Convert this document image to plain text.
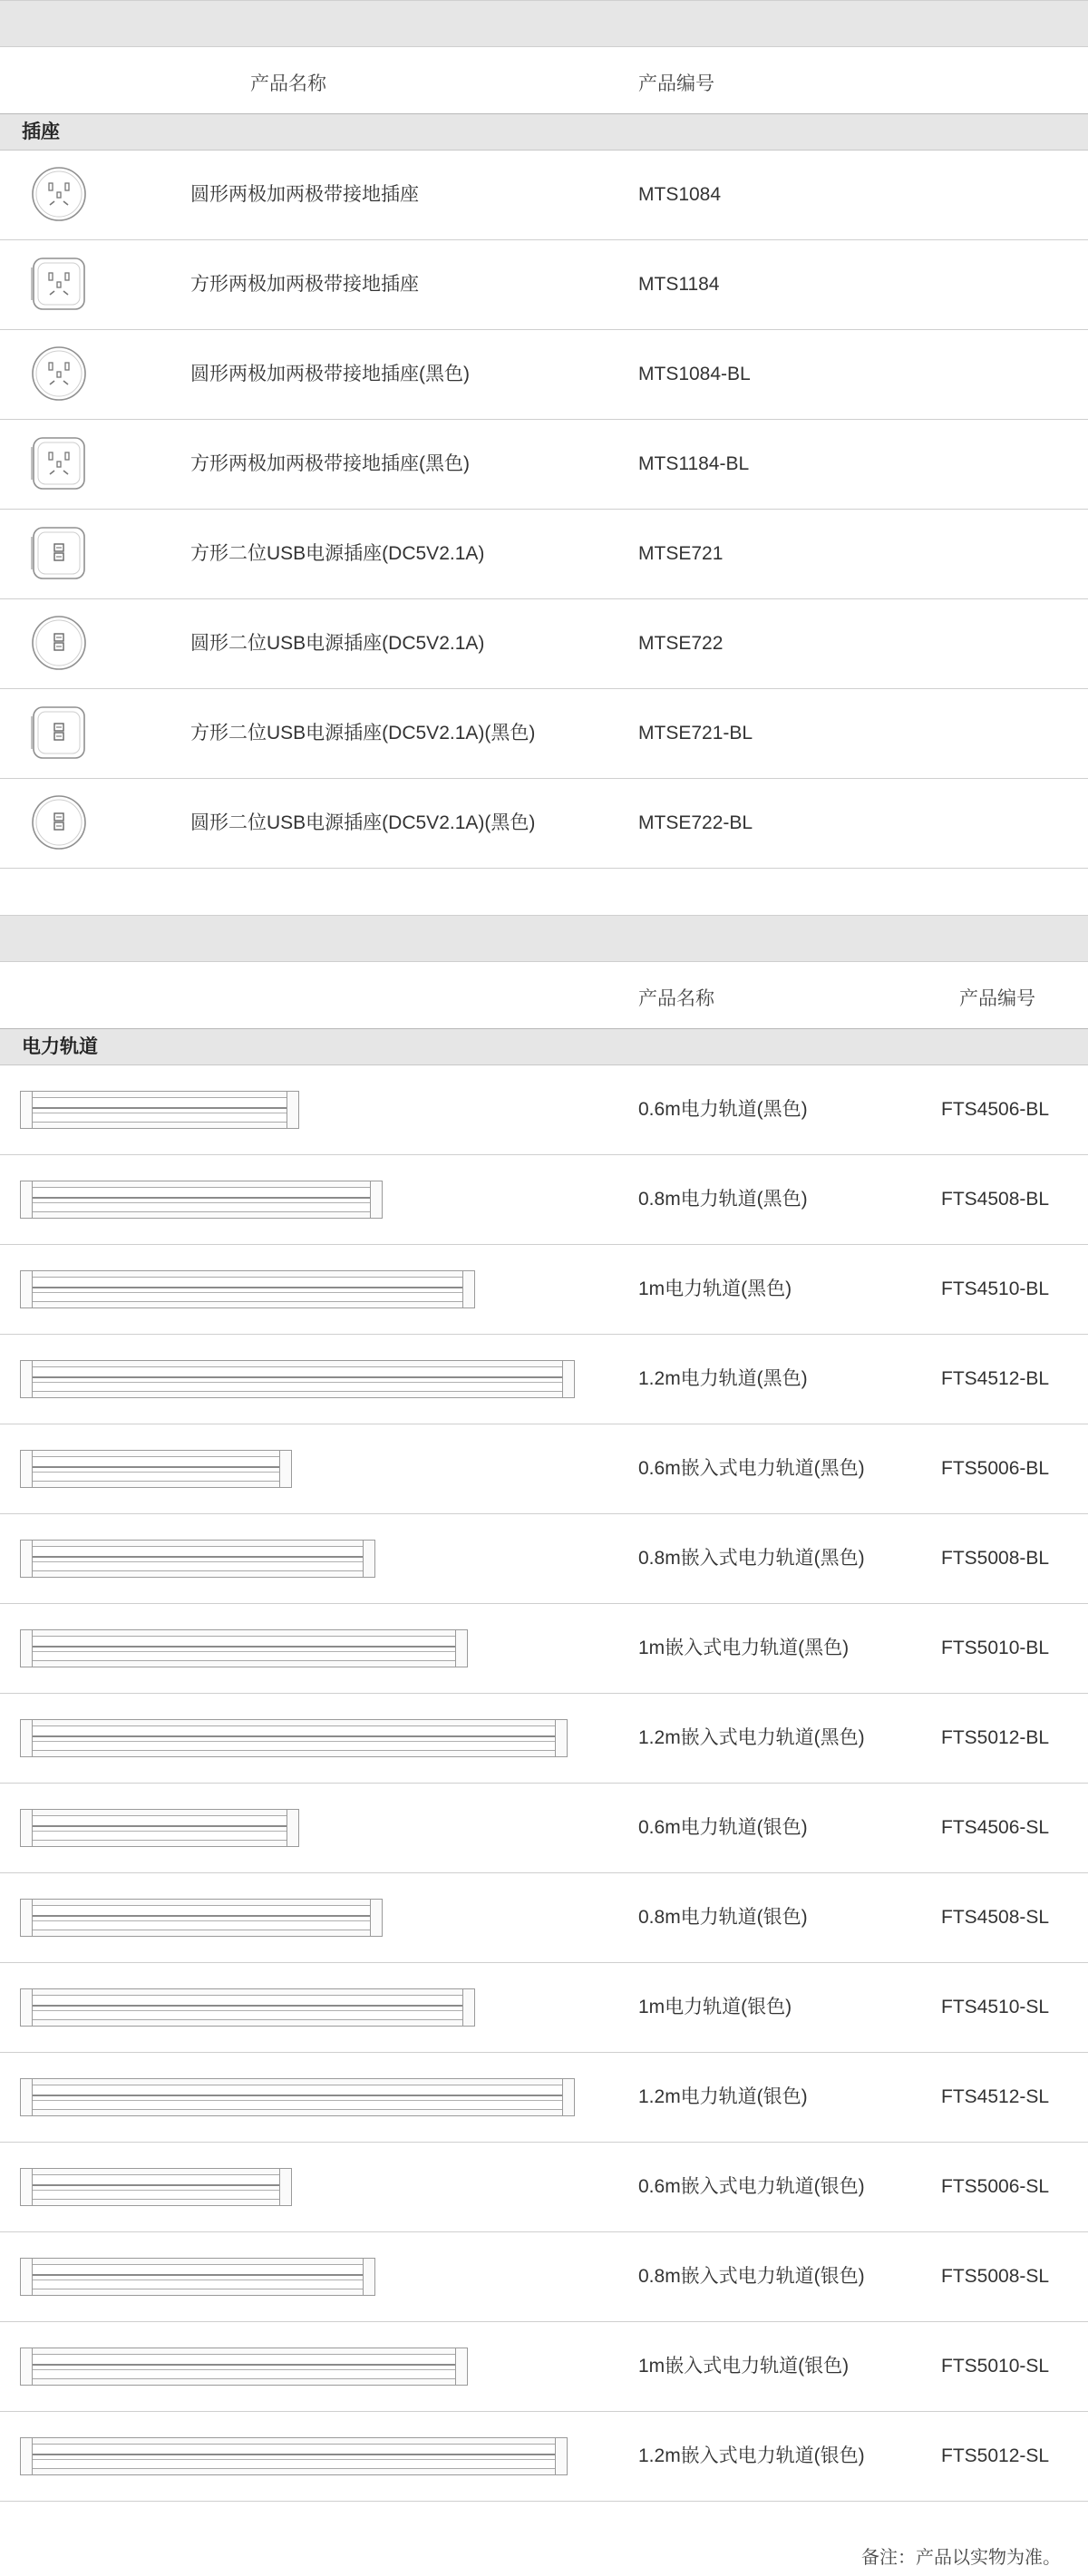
产品名称	产品编号
插座
圆形两极加两极带接地插座	MTS1084
方形两极加两极带接地插座	MTS1184
圆形两极加两极带接地插座(黑色)	MTS1084-BL
方形两极加两极带接地插座(黑色)	MTS1184-BL
方形二位USB电源插座(DC5V2.1A)	MTSE721
圆形二位USB电源插座(DC5V2.1A)	MTSE722
方形二位USB电源插座(DC5V2.1A)(黑色)	MTSE721-BL
圆形二位USB电源插座(DC5V2.1A)(黑色)	MTSE722-BL
产品名称	产品编号
电力轨道
0.6m电力轨道(黑色)	FTS4506-BL
0.8m电力轨道(黑色)	FTS4508-BL
1m电力轨道(黑色)	FTS4510-BL
1.2m电力轨道(黑色)	FTS4512-BL
0.6m嵌入式电力轨道(黑色)	FTS5006-BL
0.8m嵌入式电力轨道(黑色)	FTS5008-BL
1m嵌入式电力轨道(黑色)	FTS5010-BL
1.2m嵌入式电力轨道(黑色)	FTS5012-BL
0.6m电力轨道(银色)	FTS4506-SL
0.8m电力轨道(银色)	FTS4508-SL
1m电力轨道(银色)	FTS4510-SL
1.2m电力轨道(银色)	FTS4512-SL
0.6m嵌入式电力轨道(银色)	FTS5006-SL
0.8m嵌入式电力轨道(银色)	FTS5008-SL
1m嵌入式电力轨道(银色)	FTS5010-SL
1.2m嵌入式电力轨道(银色)	FTS5012-SL
备注：产品以实物为准。
